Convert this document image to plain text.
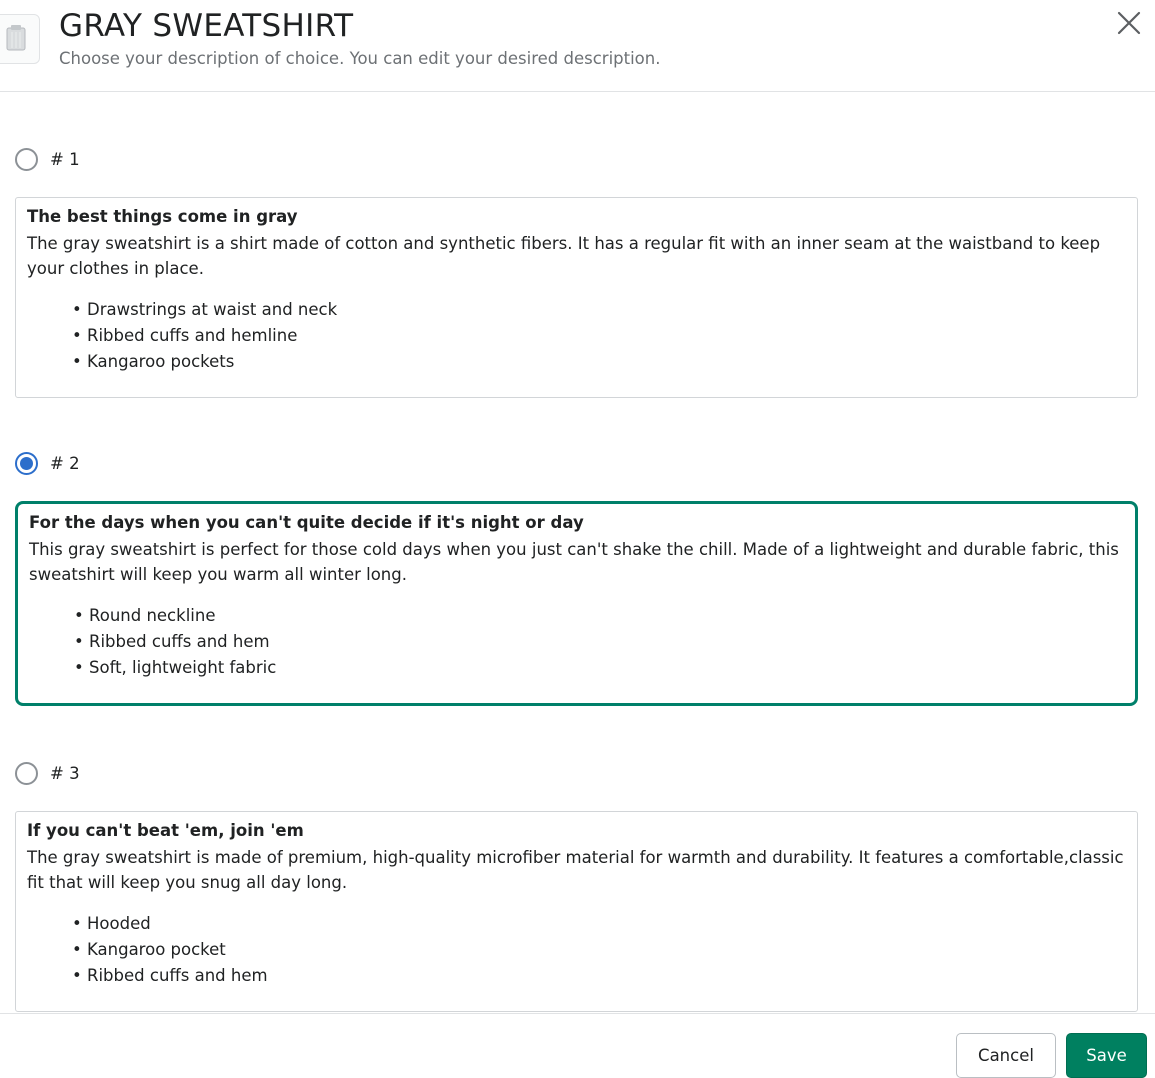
GRAY SWEATSHIRT
Choose your description of choice. You can edit your desired description.
# 1
The best things come in gray
The gray sweatshirt is a shirt made of cotton and synthetic fibers. It has a regular fit with an inner seam at the waistband to keep your clothes in place.
• Drawstrings at waist and neck
• Ribbed cuffs and hemline
• Kangaroo pockets
# 2
For the days when you can't quite decide if it's night or day
This gray sweatshirt is perfect for those cold days when you just can't shake the chill. Made of a lightweight and durable fabric, this sweatshirt will keep you warm all winter long.
• Round neckline
• Ribbed cuffs and hem
• Soft, lightweight fabric
# 3
If you can't beat 'em, join 'em
The gray sweatshirt is made of premium, high-quality microfiber material for warmth and durability. It features a comfortable,classic fit that will keep you snug all day long.
• Hooded
• Kangaroo pocket
• Ribbed cuffs and hem
Cancel	Save
